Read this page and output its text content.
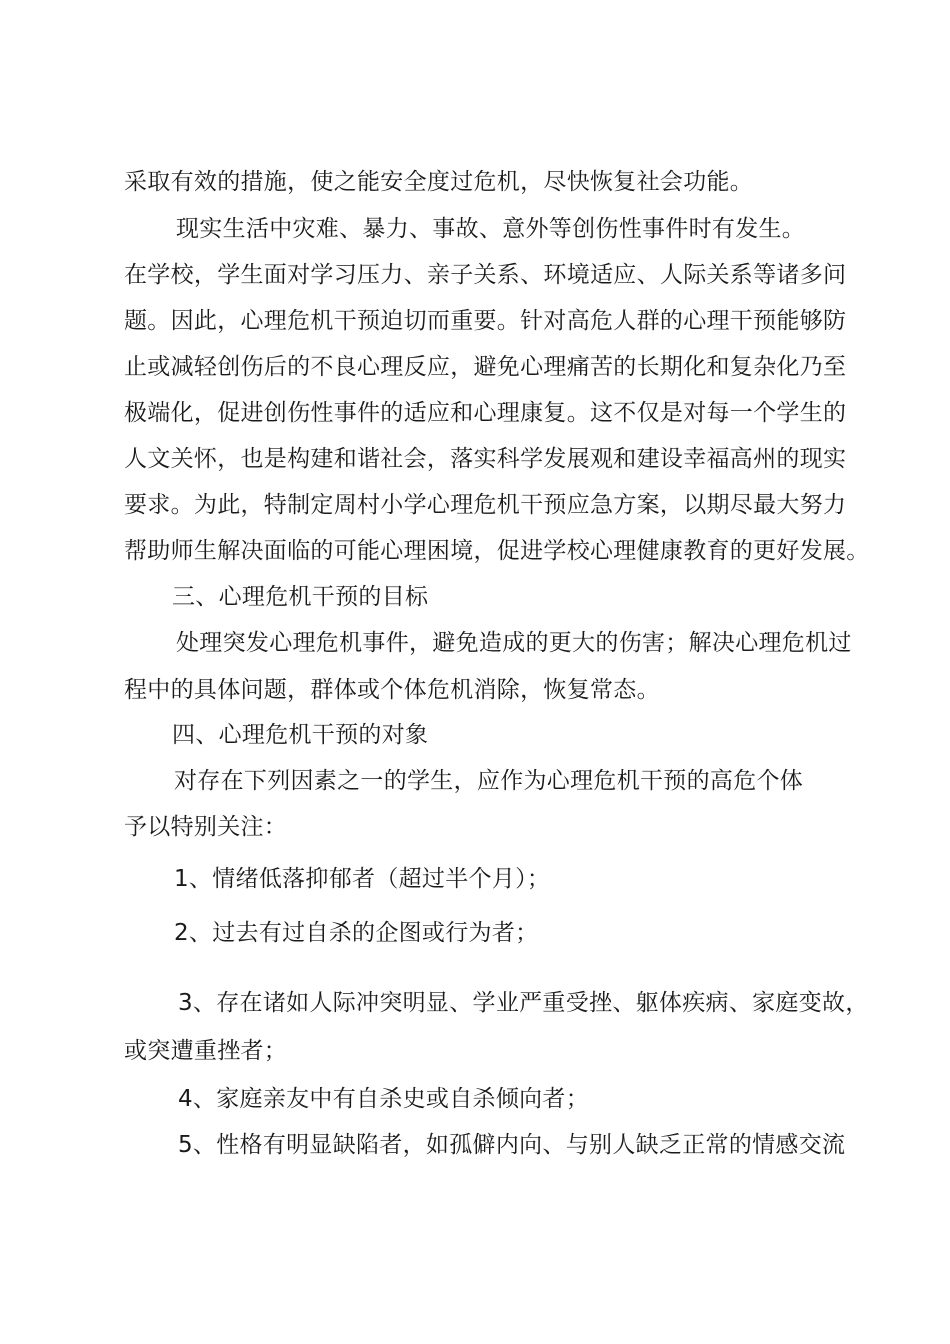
采取有效的措施，使之能安全度过危机，尽快恢复社会功能。
现实生活中灾难、暴力、事故、意外等创伤性事件时有发生。
在学校，学生面对学习压力、亲子关系、环境适应、人际关系等诸多问
题。因此，心理危机干预迫切而重要。针对高危人群的心理干预能够防
止或减轻创伤后的不良心理反应，避免心理痛苦的长期化和复杂化乃至
极端化，促进创伤性事件的适应和心理康复。这不仅是对每一个学生的
人文关怀，也是构建和谐社会，落实科学发展观和建设幸福高州的现实
要求。为此，特制定周村小学心理危机干预应急方案，以期尽最大努力
帮助师生解决面临的可能心理困境，促进学校心理健康教育的更好发展。
三、心理危机干预的目标
处理突发心理危机事件，避免造成的更大的伤害；解决心理危机过
程中的具体问题，群体或个体危机消除，恢复常态。
四、心理危机干预的对象
对存在下列因素之一的学生，应作为心理危机干预的高危个体
予以特别关注：
1、情绪低落抑郁者（超过半个月）；
2、过去有过自杀的企图或行为者；
3、存在诸如人际冲突明显、学业严重受挫、躯体疾病、家庭变故，
或突遭重挫者；
4、家庭亲友中有自杀史或自杀倾向者；
5、性格有明显缺陷者，如孤僻内向、与别人缺乏正常的情感交流
